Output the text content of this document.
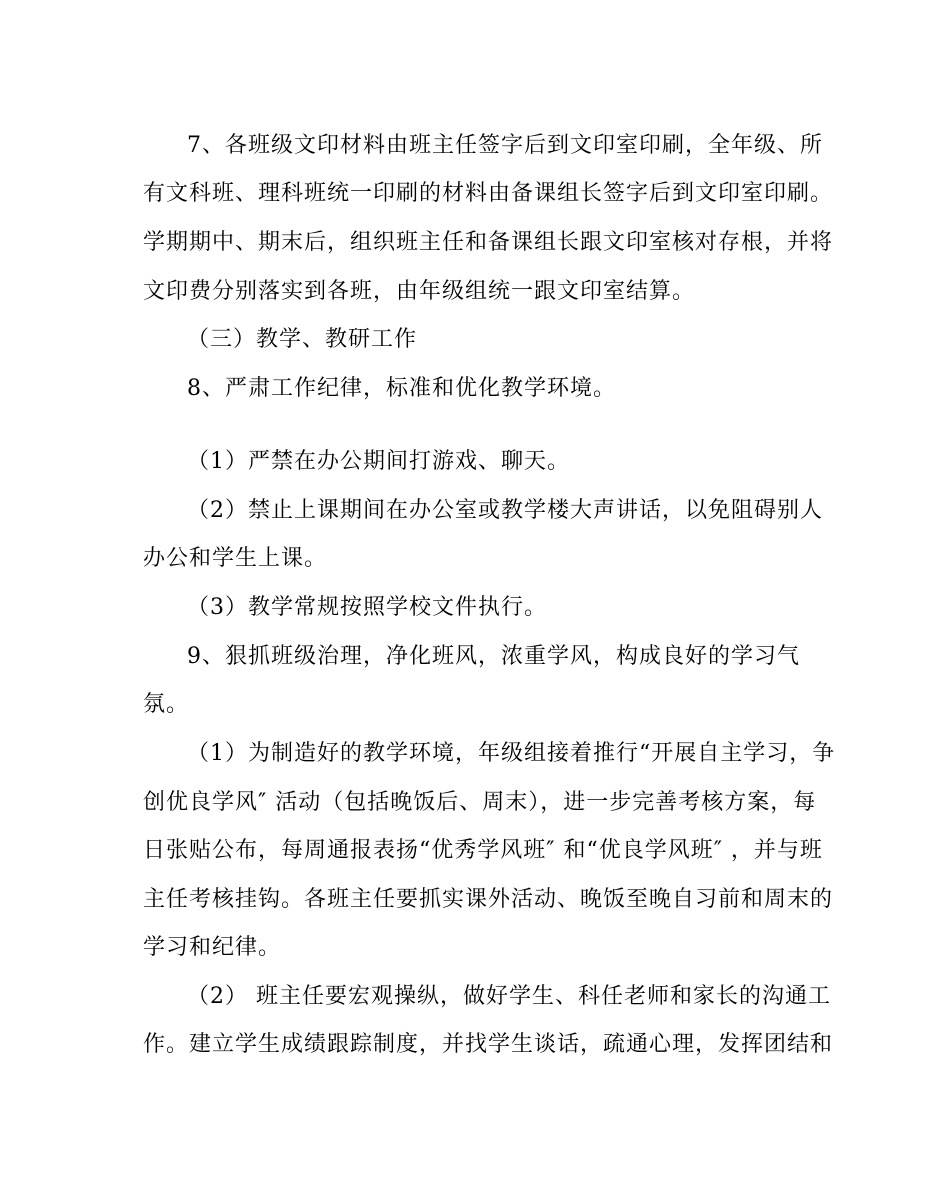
7、各班级文印材料由班主任签字后到文印室印刷，全年级、所

有文科班、理科班统一印刷的材料由备课组长签字后到文印室印刷。

学期期中、期末后，组织班主任和备课组长跟文印室核对存根，并将

文印费分别落实到各班，由年级组统一跟文印室结算。

（三）教学、教研工作

8、严肃工作纪律，标准和优化教学环境。

（1）严禁在办公期间打游戏、聊天。

（2）禁止上课期间在办公室或教学楼大声讲话，以免阻碍别人

办公和学生上课。

（3）教学常规按照学校文件执行。

9、狠抓班级治理，净化班风，浓重学风，构成良好的学习气

氛。

（1）为制造好的教学环境，年级组接着推行“开展自主学习，争

创优良学风″ 活动（包括晚饭后、周末），进一步完善考核方案，每

日张贴公布，每周通报表扬“优秀学风班″ 和“优良学风班″ ，并与班

主任考核挂钩。各班主任要抓实课外活动、晚饭至晚自习前和周末的

学习和纪律。

（2） 班主任要宏观操纵，做好学生、科任老师和家长的沟通工

作。建立学生成绩跟踪制度，并找学生谈话，疏通心理，发挥团结和
